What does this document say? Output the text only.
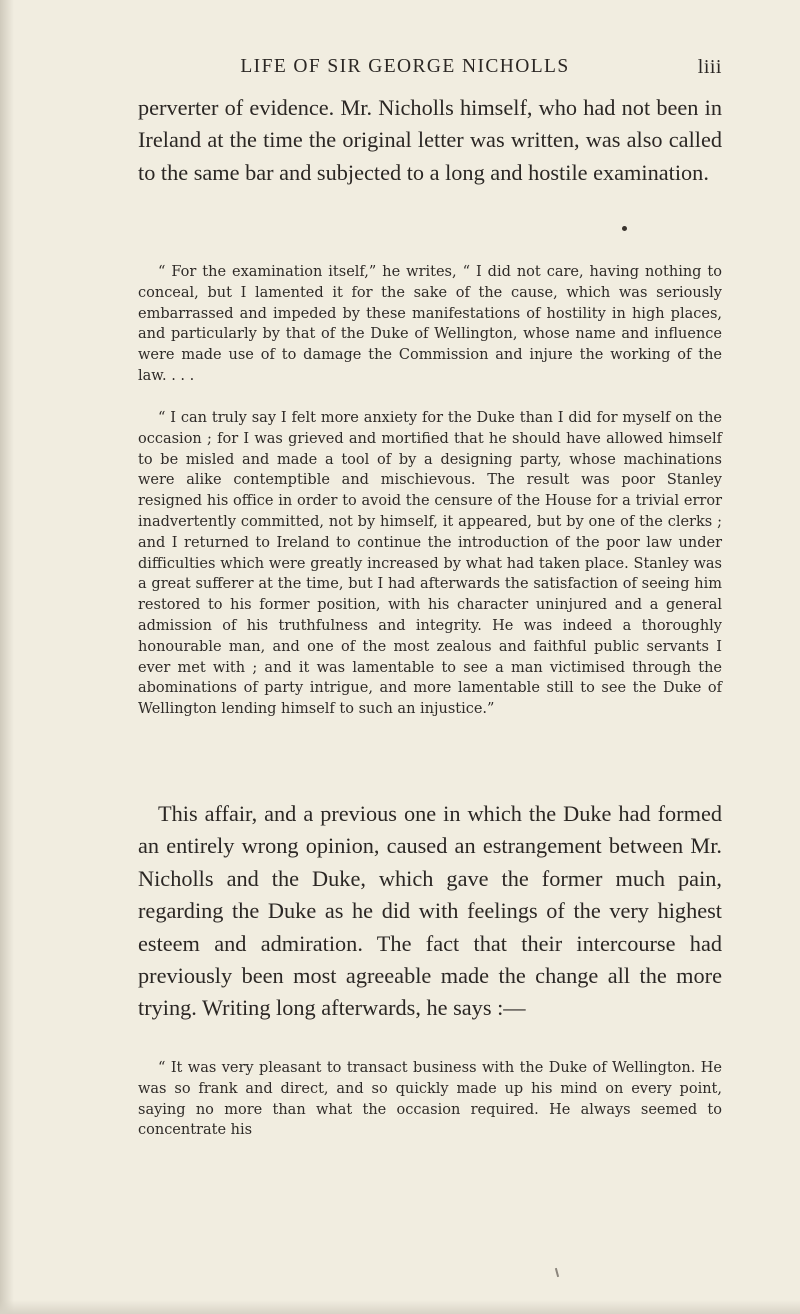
LIFE OF SIR GEORGE NICHOLLS	liii

perverter of evidence. Mr. Nicholls himself, who had not been in Ireland at the time the original letter was written, was also called to the same bar and subjected to a long and hostile examination.

“ For the examination itself,” he writes, “ I did not care, having nothing to conceal, but I lamented it for the sake of the cause, which was seriously embarrassed and impeded by these manifestations of hostility in high places, and particularly by that of the Duke of Wellington, whose name and influence were made use of to damage the Commission and injure the working of the law. . . .

“ I can truly say I felt more anxiety for the Duke than I did for myself on the occasion ; for I was grieved and mortified that he should have allowed himself to be misled and made a tool of by a designing party, whose machinations were alike contemptible and mischievous. The result was poor Stanley resigned his office in order to avoid the censure of the House for a trivial error inadvertently committed, not by himself, it appeared, but by one of the clerks ; and I returned to Ireland to continue the introduction of the poor law under difficulties which were greatly increased by what had taken place. Stanley was a great sufferer at the time, but I had afterwards the satisfaction of seeing him restored to his former position, with his character uninjured and a general admission of his truthfulness and integrity. He was indeed a thoroughly honourable man, and one of the most zealous and faithful public servants I ever met with ; and it was lamentable to see a man victimised through the abominations of party intrigue, and more lamentable still to see the Duke of Wellington lending himself to such an injustice.”

This affair, and a previous one in which the Duke had formed an entirely wrong opinion, caused an estrangement between Mr. Nicholls and the Duke, which gave the former much pain, regarding the Duke as he did with feelings of the very highest esteem and admiration. The fact that their intercourse had previously been most agreeable made the change all the more trying. Writing long afterwards, he says :—

“ It was very pleasant to transact business with the Duke of Wellington. He was so frank and direct, and so quickly made up his mind on every point, saying no more than what the occasion required. He always seemed to concentrate his
